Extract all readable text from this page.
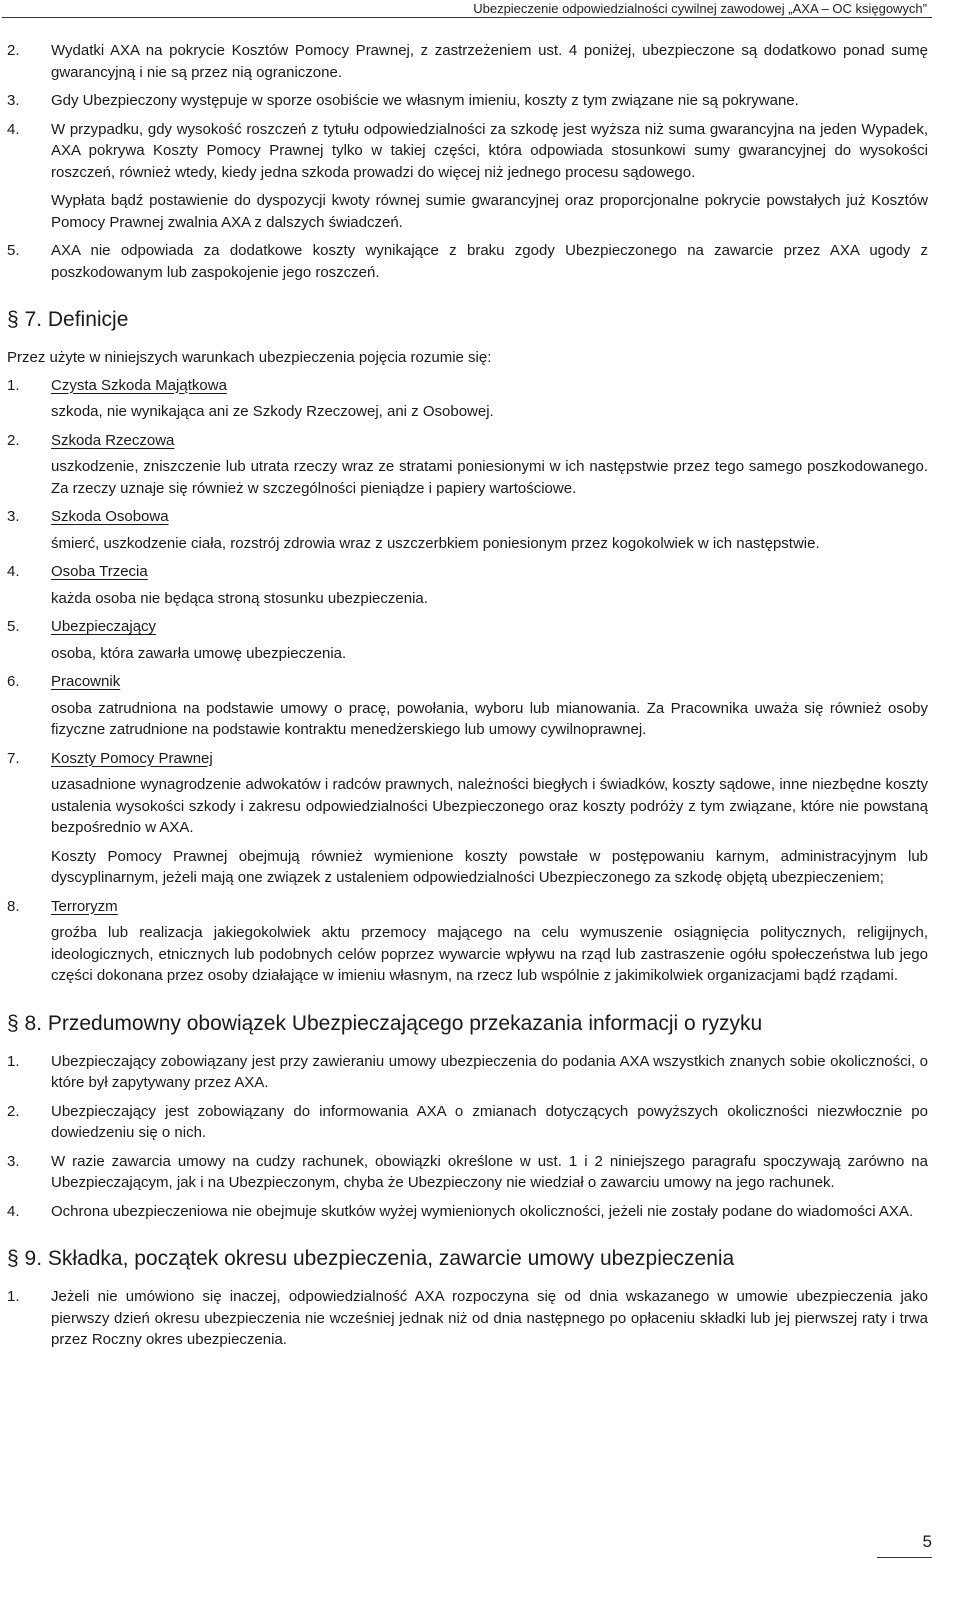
Ubezpieczenie odpowiedzialności cywilnej zawodowej „AXA – OC księgowych”
2.	Wydatki AXA na pokrycie Kosztów Pomocy Prawnej, z zastrzeżeniem ust. 4 poniżej, ubezpieczone są dodatkowo ponad sumę gwarancyjną i nie są przez nią ograniczone.

3.	Gdy Ubezpieczony występuje w sporze osobiście we własnym imieniu, koszty z tym związane nie są pokrywane.

4.	W przypadku, gdy wysokość roszczeń z tytułu odpowiedzialności za szkodę jest wyższa niż suma gwarancyjna na jeden Wypadek, AXA pokrywa Koszty Pomocy Prawnej tylko w takiej części, która odpowiada stosunkowi sumy gwarancyjnej do wysokości roszczeń, również wtedy, kiedy jedna szkoda prowadzi do więcej niż jednego procesu sądowego.

Wypłata bądź postawienie do dyspozycji kwoty równej sumie gwarancyjnej oraz proporcjonalne pokrycie powstałych już Kosztów Pomocy Prawnej zwalnia AXA z dalszych świadczeń.

5.	AXA nie odpowiada za dodatkowe koszty wynikające z braku zgody Ubezpieczonego na zawarcie przez AXA ugody z poszkodowanym lub zaspokojenie jego roszczeń.

§ 7. Definicje
Przez użyte w niniejszych warunkach ubezpieczenia pojęcia rozumie się:
1.	Czysta Szkoda Majątkowa

szkoda, nie wynikająca ani ze Szkody Rzeczowej, ani z Osobowej.

2.	Szkoda Rzeczowa

uszkodzenie, zniszczenie lub utrata rzeczy wraz ze stratami poniesionymi w ich następstwie przez tego samego poszkodowanego. Za rzeczy uznaje się również w szczególności pieniądze i papiery wartościowe.

3.	Szkoda Osobowa

śmierć, uszkodzenie ciała, rozstrój zdrowia wraz z uszczerbkiem poniesionym przez kogokolwiek w ich następstwie.

4.	Osoba Trzecia

każda osoba nie będąca stroną stosunku ubezpieczenia.

5.	Ubezpieczający

osoba, która zawarła umowę ubezpieczenia.

6.	Pracownik

osoba zatrudniona na podstawie umowy o pracę, powołania, wyboru lub mianowania. Za Pracownika uważa się również osoby fizyczne zatrudnione na podstawie kontraktu menedżerskiego lub umowy cywilnoprawnej.

7.	Koszty Pomocy Prawnej

uzasadnione wynagrodzenie adwokatów i radców prawnych, należności biegłych i świadków, koszty sądowe, inne niezbędne koszty ustalenia wysokości szkody i zakresu odpowiedzialności Ubezpieczonego oraz koszty podróży z tym związane, które nie powstaną bezpośrednio w AXA.

Koszty Pomocy Prawnej obejmują również wymienione koszty powstałe w postępowaniu karnym, administracyjnym lub dyscyplinarnym, jeżeli mają one związek z ustaleniem odpowiedzialności Ubezpieczonego za szkodę objętą ubezpieczeniem;

8.	Terroryzm

groźba lub realizacja jakiegokolwiek aktu przemocy mającego na celu wymuszenie osiągnięcia politycznych, religijnych, ideologicznych, etnicznych lub podobnych celów poprzez wywarcie wpływu na rząd lub zastraszenie ogółu społeczeństwa lub jego części dokonana przez osoby działające w imieniu własnym, na rzecz lub wspólnie z jakimikolwiek organizacjami bądź rządami.

§ 8. Przedumowny obowiązek Ubezpieczającego przekazania informacji o ryzyku
1.	Ubezpieczający zobowiązany jest przy zawieraniu umowy ubezpieczenia do podania AXA wszystkich znanych sobie okoliczności, o które był zapytywany przez AXA.

2.	Ubezpieczający jest zobowiązany do informowania AXA o zmianach dotyczących powyższych okoliczności niezwłocznie po dowiedzeniu się o nich.

3.	W razie zawarcia umowy na cudzy rachunek, obowiązki określone w ust. 1 i 2 niniejszego paragrafu spoczywają zarówno na Ubezpieczającym, jak i na Ubezpieczonym, chyba że Ubezpieczony nie wiedział o zawarciu umowy na jego rachunek.

4.	Ochrona ubezpieczeniowa nie obejmuje skutków wyżej wymienionych okoliczności, jeżeli nie zostały podane do wiadomości AXA.

§ 9. Składka, początek okresu ubezpieczenia, zawarcie umowy ubezpieczenia
1.	Jeżeli nie umówiono się inaczej, odpowiedzialność AXA rozpoczyna się od dnia wskazanego w umowie ubezpieczenia jako pierwszy dzień okresu ubezpieczenia nie wcześniej jednak niż od dnia następnego po opłaceniu składki lub jej pierwszej raty i trwa przez Roczny okres ubezpieczenia.

5
